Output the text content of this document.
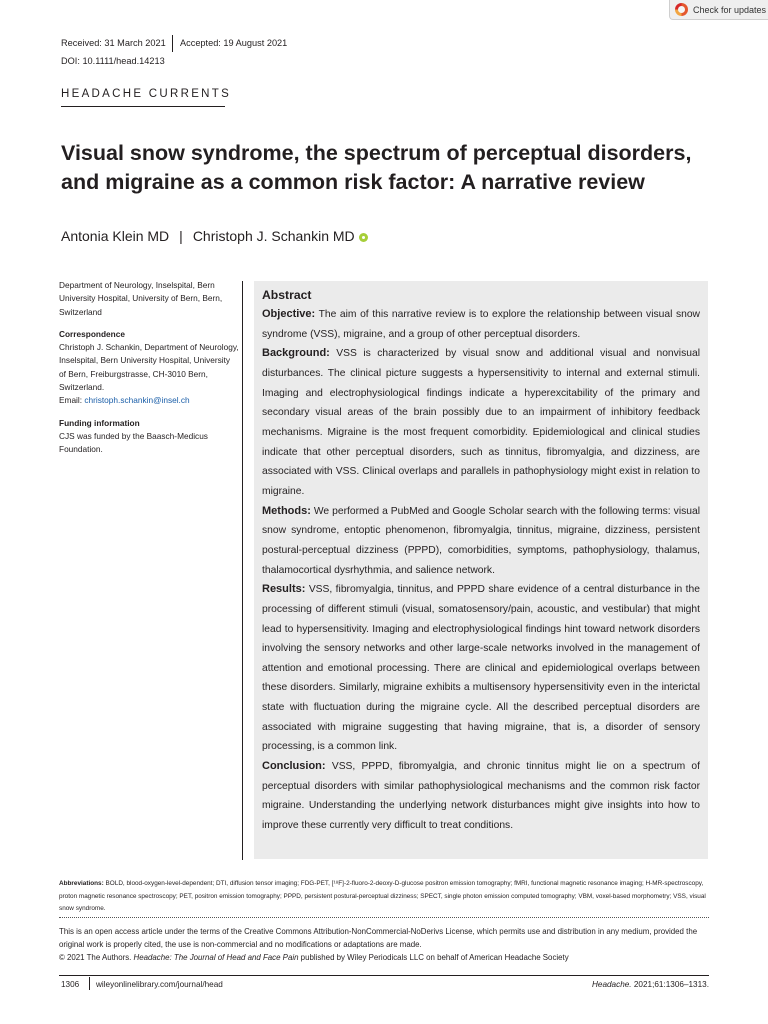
Check for updates
Received: 31 March 2021 Accepted: 19 August 2021
DOI: 10.1111/head.14213
HEADACHE CURRENTS
Visual snow syndrome, the spectrum of perceptual disorders, and migraine as a common risk factor: A narrative review
Antonia Klein MD | Christoph J. Schankin MD

Department of Neurology, Inselspital, Bern University Hospital, University of Bern, Bern, Switzerland

Correspondence

Christoph J. Schankin, Department of Neurology, Inselspital, Bern University Hospital, University of Bern, Freiburgstrasse, CH-3010 Bern, Switzerland.

Email: christoph.schankin@insel.ch

Funding information

CJS was funded by the Baasch-Medicus Foundation.

Abstract

Objective: The aim of this narrative review is to explore the relationship between visual snow syndrome (VSS), migraine, and a group of other perceptual disorders.

Background: VSS is characterized by visual snow and additional visual and nonvisual disturbances. The clinical picture suggests a hypersensitivity to internal and external stimuli. Imaging and electrophysiological findings indicate a hyperexcitability of the primary and secondary visual areas of the brain possibly due to an impairment of inhibitory feedback mechanisms. Migraine is the most frequent comorbidity. Epidemiological and clinical studies indicate that other perceptual disorders, such as tinnitus, fibromyalgia, and dizziness, are associated with VSS. Clinical overlaps and parallels in pathophysiology might exist in relation to migraine.

Methods: We performed a PubMed and Google Scholar search with the following terms: visual snow syndrome, entoptic phenomenon, fibromyalgia, tinnitus, migraine, dizziness, persistent postural-perceptual dizziness (PPPD), comorbidities, symptoms, pathophysiology, thalamus, thalamocortical dysrhythmia, and salience network.

Results: VSS, fibromyalgia, tinnitus, and PPPD share evidence of a central disturbance in the processing of different stimuli (visual, somatosensory/pain, acoustic, and vestibular) that might lead to hypersensitivity. Imaging and electrophysiological findings hint toward network disorders involving the sensory networks and other large-scale networks involved in the management of attention and emotional processing. There are clinical and epidemiological overlaps between these disorders. Similarly, migraine exhibits a multisensory hypersensitivity even in the interictal state with fluctuation during the migraine cycle. All the described perceptual disorders are associated with migraine suggesting that having migraine, that is, a disorder of sensory processing, is a common link.

Conclusion: VSS, PPPD, fibromyalgia, and chronic tinnitus might lie on a spectrum of perceptual disorders with similar pathophysiological mechanisms and the common risk factor migraine. Understanding the underlying network disturbances might give insights into how to improve these currently very difficult to treat conditions.

Abbreviations: BOLD, blood-oxygen-level-dependent; DTI, diffusion tensor imaging; FDG-PET, [¹⁸F]-2-fluoro-2-deoxy-D-glucose positron emission tomography; fMRI, functional magnetic resonance imaging; H-MR-spectroscopy, proton magnetic resonance spectroscopy; PET, positron emission tomography; PPPD, persistent postural-perceptual dizziness; SPECT, single photon emission computed tomography; VBM, voxel-based morphometry; VSS, visual snow syndrome.

This is an open access article under the terms of the Creative Commons Attribution-NonCommercial-NoDerivs License, which permits use and distribution in any medium, provided the original work is properly cited, the use is non-commercial and no modifications or adaptations are made.

© 2021 The Authors. Headache: The Journal of Head and Face Pain published by Wiley Periodicals LLC on behalf of American Headache Society

1306 wileyonlinelibrary.com/journal/head	Headache. 2021;61:1306–1313.
